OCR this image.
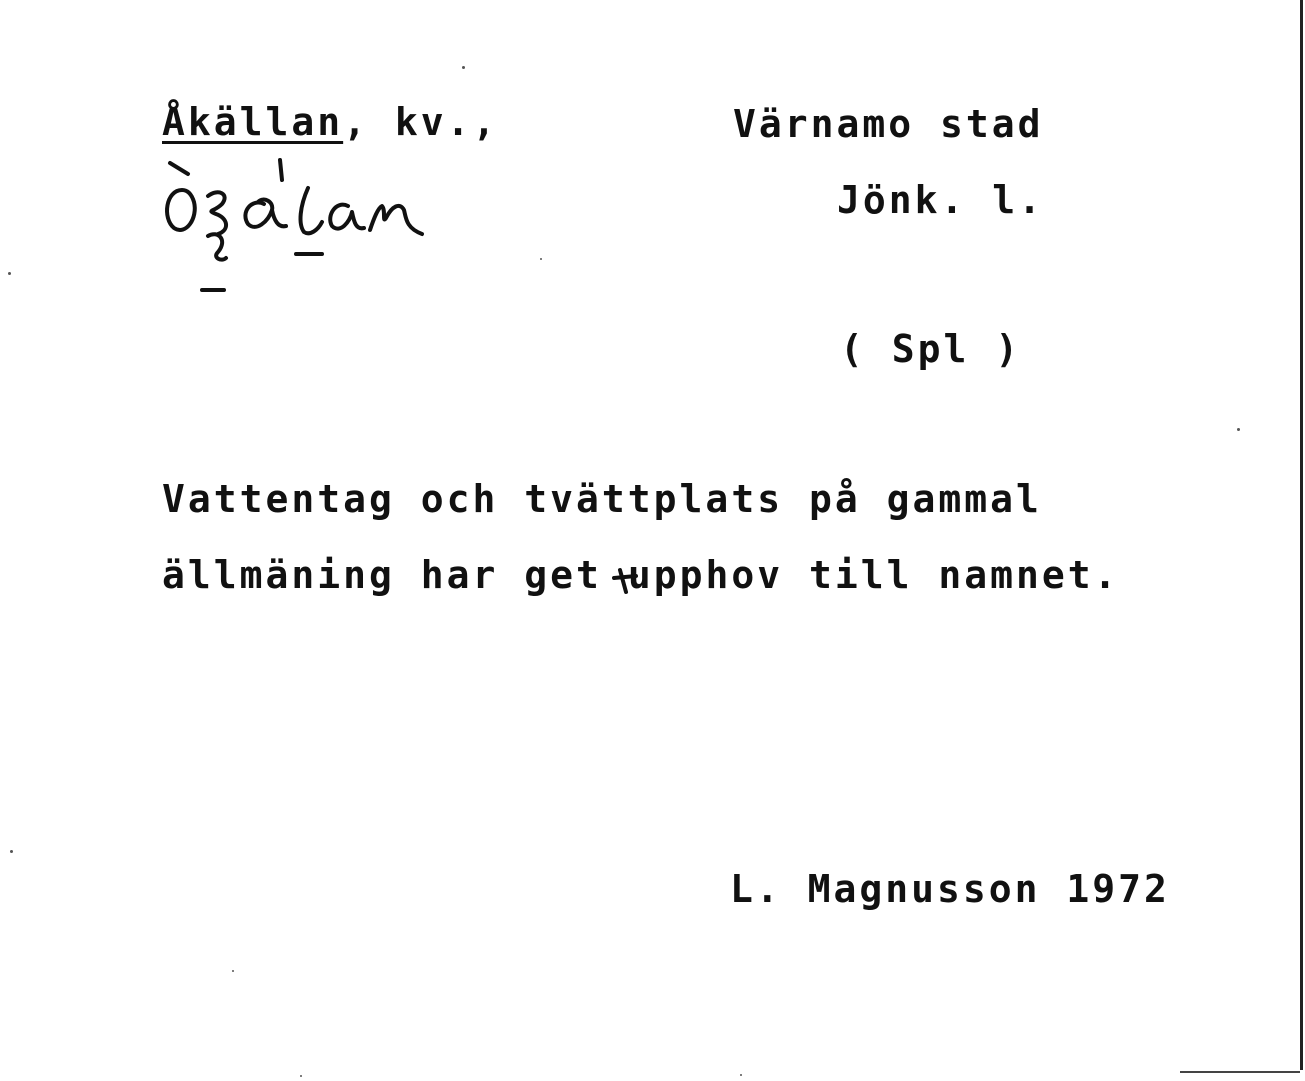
Åkällan, kv.,	Värnamo stad
Jönk. l.
( Spl )
Vattentag och tvättplats på gammal
ällmäning har get upphov till namnet.
L. Magnusson 1972
